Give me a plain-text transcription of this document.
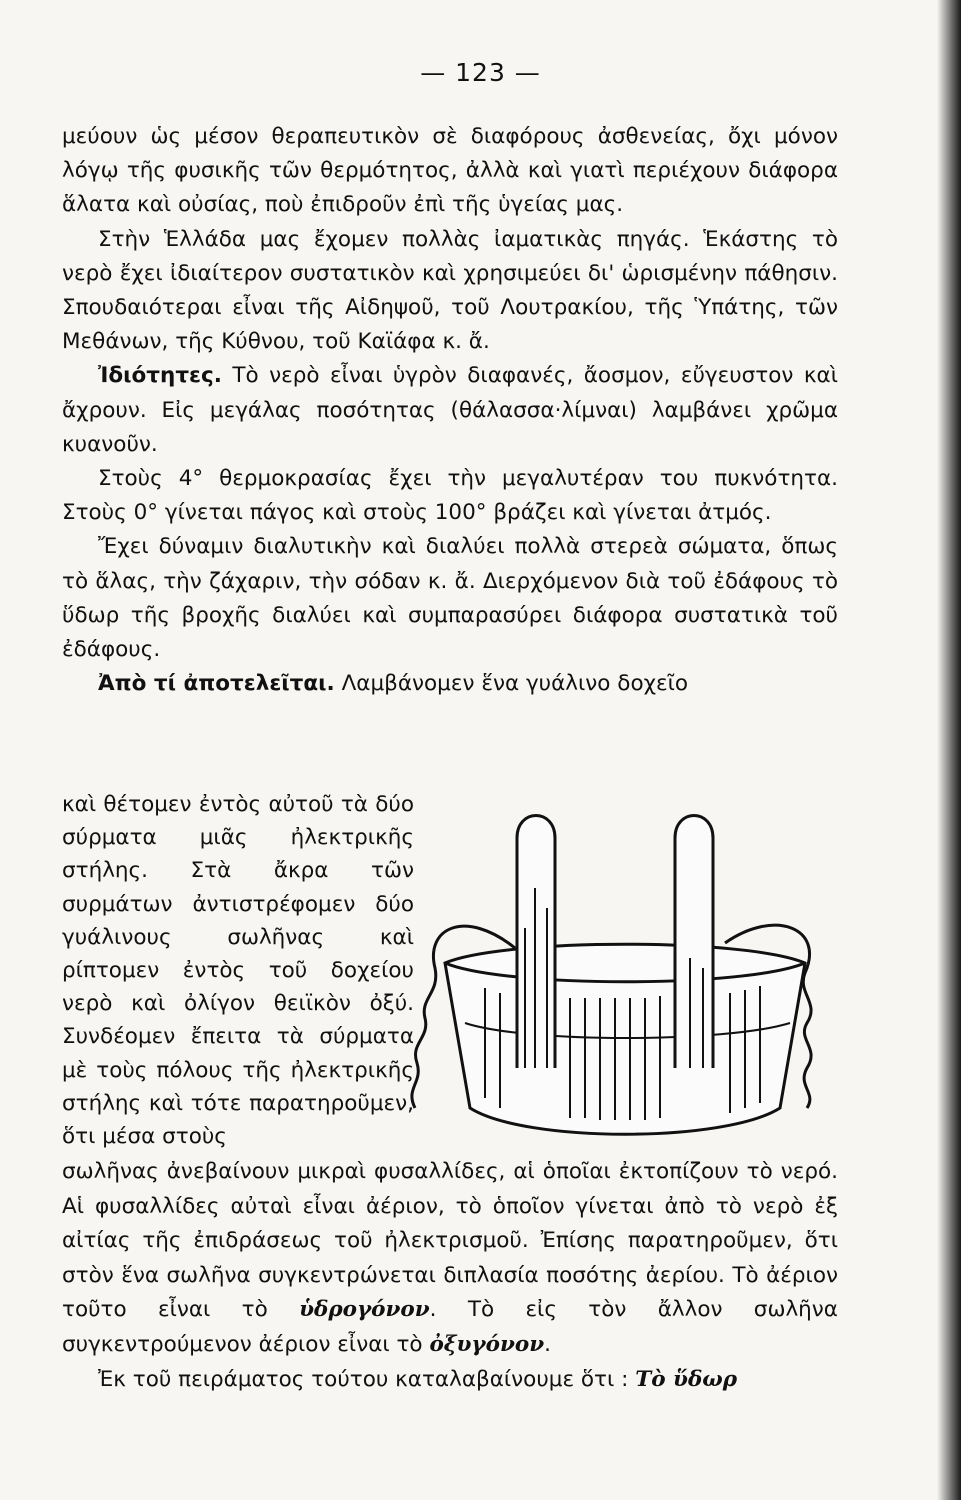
— 123 —

μεύουν ὡς μέσον θεραπευτικὸν σὲ διαφόρους ἀσθενείας, ὄχι μόνον λόγῳ τῆς φυσικῆς τῶν θερμότητος, ἀλλὰ καὶ γιατὶ περιέχουν διάφορα ἅλατα καὶ οὐσίας, ποὺ ἐπιδροῦν ἐπὶ τῆς ὑγείας μας.

Στὴν Ἑλλάδα μας ἔχομεν πολλὰς ἰαματικὰς πηγάς. Ἑκάστης τὸ νερὸ ἔχει ἰδιαίτερον συστατικὸν καὶ χρησιμεύει δι' ὡρισμένην πάθησιν. Σπουδαιότεραι εἶναι τῆς Αἰδηψοῦ, τοῦ Λουτρακίου, τῆς Ὑπάτης, τῶν Μεθάνων, τῆς Κύθνου, τοῦ Καϊάφα κ. ἄ.

Ἰδιότητες. Τὸ νερὸ εἶναι ὑγρὸν διαφανές, ἄοσμον, εὔγευστον καὶ ἄχρουν. Εἰς μεγάλας ποσότητας (θάλασσα·λίμναι) λαμβάνει χρῶμα κυανοῦν.

Στοὺς 4° θερμοκρασίας ἔχει τὴν μεγαλυτέραν του πυκνότητα. Στοὺς 0° γίνεται πάγος καὶ στοὺς 100° βράζει καὶ γίνεται ἀτμός.

Ἔχει δύναμιν διαλυτικὴν καὶ διαλύει πολλὰ στερεὰ σώματα, ὅπως τὸ ἅλας, τὴν ζάχαριν, τὴν σόδαν κ. ἄ. Διερχόμενον διὰ τοῦ ἐδάφους τὸ ὕδωρ τῆς βροχῆς διαλύει καὶ συμπαρασύρει διάφορα συστατικὰ τοῦ ἐδάφους.

Ἀπὸ τί ἀποτελεῖται. Λαμβάνομεν ἕνα γυάλινο δοχεῖο

καὶ θέτομεν ἐντὸς αὐτοῦ τὰ δύο σύρματα μιᾶς ἠλεκτρικῆς στήλης. Στὰ ἄκρα τῶν συρμάτων ἀντιστρέφομεν δύο γυάλινους σωλῆνας καὶ ρίπτομεν ἐντὸς τοῦ δοχείου νερὸ καὶ ὀλίγον θειϊκὸν ὀξύ. Συνδέομεν ἔπειτα τὰ σύρματα μὲ τοὺς πόλους τῆς ἠλεκτρικῆς στήλης καὶ τότε παρατηροῦμεν, ὅτι μέσα στοὺς

σωλῆνας ἀνεβαίνουν μικραὶ φυσαλλίδες, αἱ ὁποῖαι ἐκτοπίζουν τὸ νερό. Αἱ φυσαλλίδες αὐταὶ εἶναι ἀέριον, τὸ ὁποῖον γίνεται ἀπὸ τὸ νερὸ ἐξ αἰτίας τῆς ἐπιδράσεως τοῦ ἠλεκτρισμοῦ. Ἐπίσης παρατηροῦμεν, ὅτι στὸν ἕνα σωλῆνα συγκεντρώνεται διπλασία ποσότης ἀερίου. Τὸ ἀέριον τοῦτο εἶναι τὸ ὑδρογόνον. Τὸ εἰς τὸν ἄλλον σωλῆνα συγκεντρούμενον ἀέριον εἶναι τὸ ὀξυγόνον.

Ἐκ τοῦ πειράματος τούτου καταλαβαίνουμε ὅτι : Τὸ ὕδωρ
